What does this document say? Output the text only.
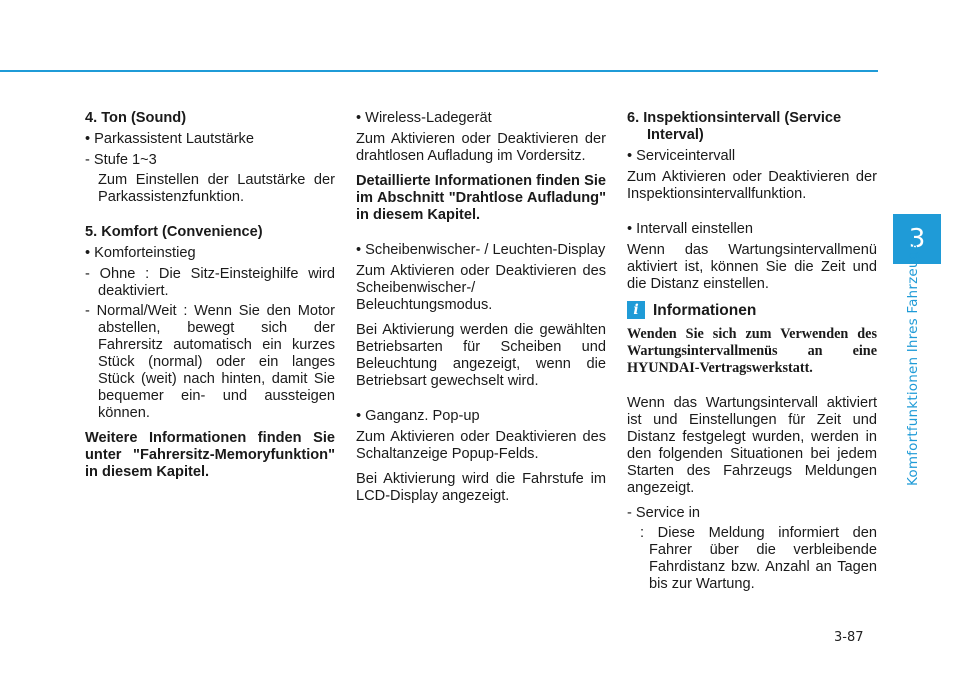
3
Komfortfunktionen Ihres Fahrzeugs

4. Ton (Sound)

• Parkassistent Lautstärke

- Stufe 1~3

Zum Einstellen der Lautstärke der Parkassistenzfunktion.

5. Komfort (Convenience)

• Komforteinstieg

- Ohne : Die Sitz-Einsteighilfe wird deaktiviert.

- Normal/Weit : Wenn Sie den Motor abstellen, bewegt sich der Fahrersitz automatisch ein kurzes Stück (normal) oder ein langes Stück (weit) nach hinten, damit Sie bequemer ein- und aussteigen können.

Weitere Informationen finden Sie unter "Fahrersitz-Memoryfunktion" in diesem Kapitel.

• Wireless-Ladegerät

Zum Aktivieren oder Deaktivieren der drahtlosen Aufladung im Vordersitz.

Detaillierte Informationen finden Sie im Abschnitt "Drahtlose Aufladung" in diesem Kapitel.

• Scheibenwischer- / Leuchten-Display

Zum Aktivieren oder Deaktivieren des Scheibenwischer-/ Beleuchtungsmodus.

Bei Aktivierung werden die gewählten Betriebsarten für Scheiben und Beleuchtung angezeigt, wenn die Betriebsart gewechselt wird.

• Ganganz. Pop-up

Zum Aktivieren oder Deaktivieren des Schaltanzeige Popup-Felds.

Bei Aktivierung wird die Fahrstufe im LCD-Display angezeigt.

6. Inspektionsintervall (Service Interval)

• Serviceintervall

Zum Aktivieren oder Deaktivieren der Inspektionsintervallfunktion.

• Intervall einstellen

Wenn das Wartungsintervallmenü aktiviert ist, können Sie die Zeit und die Distanz einstellen.

i Informationen

Wenden Sie sich zum Verwenden des Wartungsintervallmenüs an eine HYUNDAI-Vertragswerkstatt.

Wenn das Wartungsintervall aktiviert ist und Einstellungen für Zeit und Distanz festgelegt wurden, werden in den folgenden Situationen bei jedem Starten des Fahrzeugs Meldungen angezeigt.

- Service in

: Diese Meldung informiert den Fahrer über die verbleibende Fahrdistanz bzw. Anzahl an Tagen bis zur Wartung.

3-87
